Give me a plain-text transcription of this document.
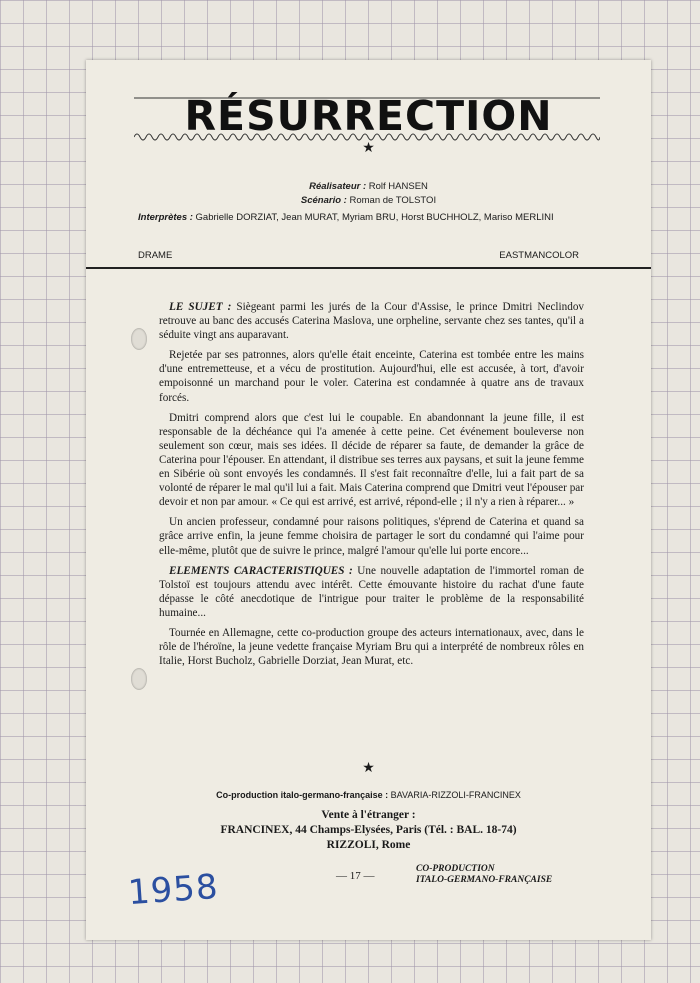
RÉSURRECTION
★
Réalisateur : Rolf HANSEN
Scénario : Roman de TOLSTOI
Interprètes : Gabrielle DORZIAT, Jean MURAT, Myriam BRU, Horst BUCHHOLZ, Mariso MERLINI
DRAME	EASTMANCOLOR

LE SUJET : Siègeant parmi les jurés de la Cour d'Assise, le prince Dmitri Neclindov retrouve au banc des accusés Caterina Maslova, une orpheline, servante chez ses tantes, qu'il a séduite vingt ans auparavant.

Rejetée par ses patronnes, alors qu'elle était enceinte, Caterina est tombée entre les mains d'une entremetteuse, et a vécu de prostitution. Aujourd'hui, elle est accusée, à tort, d'avoir empoisonné un marchand pour le voler. Caterina est condamnée à quatre ans de travaux forcés.

Dmitri comprend alors que c'est lui le coupable. En abandonnant la jeune fille, il est responsable de la déchéance qui l'a amenée à cette peine. Cet événement bouleverse non seulement son cœur, mais ses idées. Il décide de réparer sa faute, de demander la grâce de Caterina pour l'épouser. En attendant, il distribue ses terres aux paysans, et suit la jeune femme en Sibérie où sont envoyés les condamnés. Il s'est fait reconnaître d'elle, lui a fait part de sa volonté de réparer le mal qu'il lui a fait. Mais Caterina comprend que Dmitri veut l'épouser par devoir et non par amour. « Ce qui est arrivé, est arrivé, répond-elle ; il n'y a rien à réparer... »

Un ancien professeur, condamné pour raisons politiques, s'éprend de Caterina et quand sa grâce arrive enfin, la jeune femme choisira de partager le sort du condamné qui l'aime pour elle-même, plutôt que de suivre le prince, malgré l'amour qu'elle lui porte encore...

ELEMENTS CARACTERISTIQUES : Une nouvelle adaptation de l'immortel roman de Tolstoï est toujours attendu avec intérêt. Cette émouvante histoire du rachat d'une faute dépasse le côté anecdotique de l'intrigue pour traiter le problème de la responsabilité humaine...

Tournée en Allemagne, cette co-production groupe des acteurs internationaux, avec, dans le rôle de l'héroïne, la jeune vedette française Myriam Bru qui a interprété de nombreux rôles en Italie, Horst Bucholz, Gabrielle Dorziat, Jean Murat, etc.

★
Co-production italo-germano-française : BAVARIA-RIZZOLI-FRANCINEX
Vente à l'étranger :
FRANCINEX, 44 Champs-Elysées, Paris (Tél. : BAL. 18-74)
RIZZOLI, Rome
— 17 —
CO-PRODUCTION
ITALO-GERMANO-FRANÇAISE
1958
